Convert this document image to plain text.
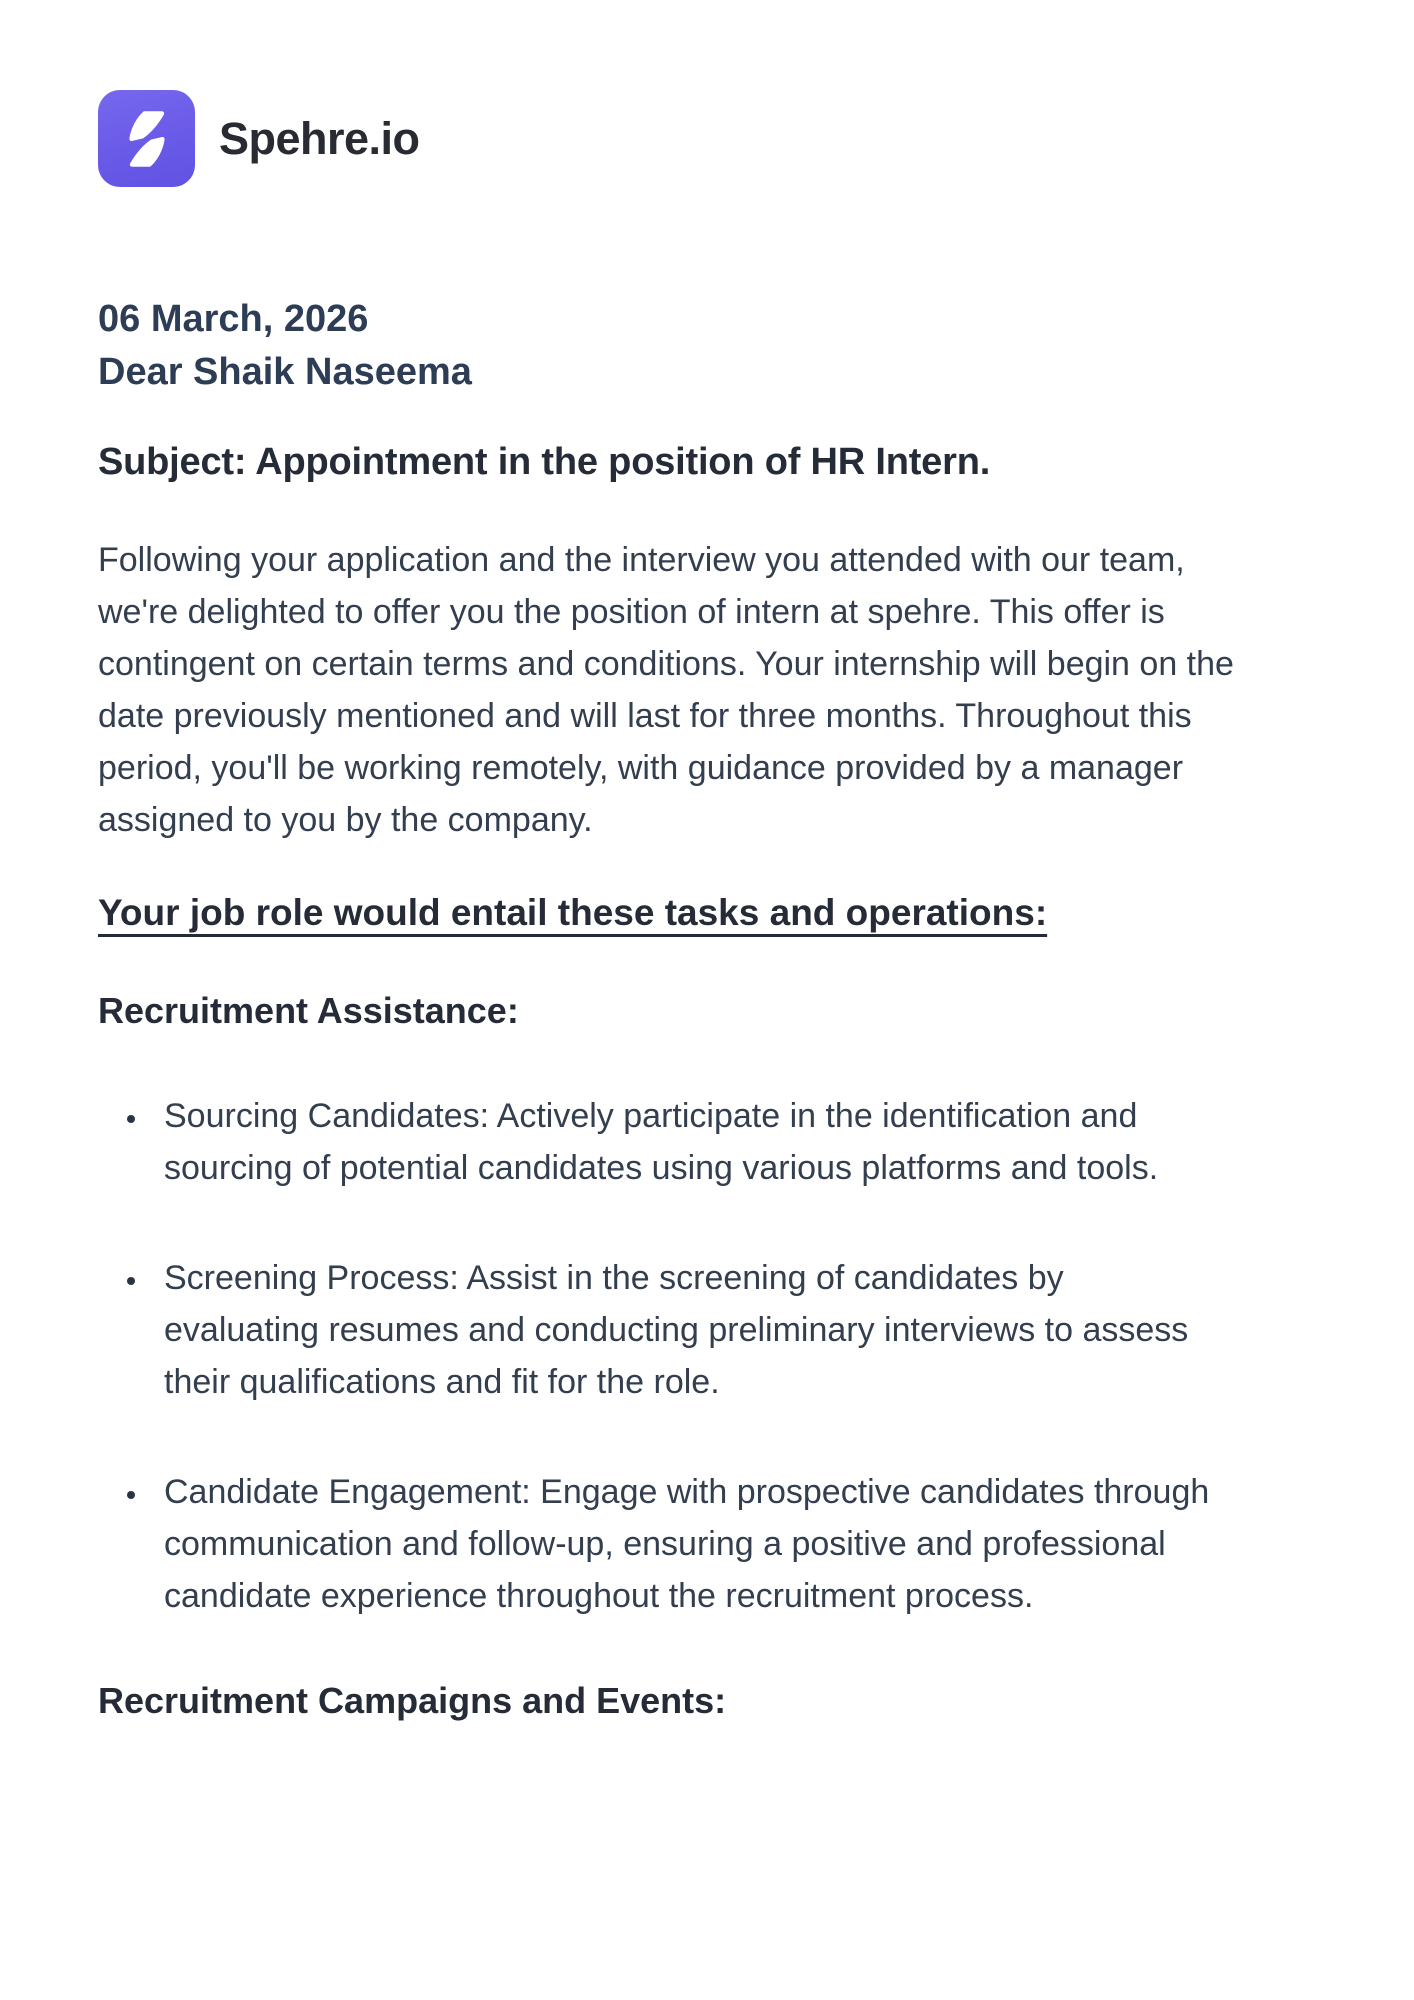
Spehre.io
06 March, 2026
Dear Shaik Naseema
Subject: Appointment in the position of HR Intern.

Following your application and the interview you attended with our team, we're delighted to offer you the position of intern at spehre. This offer is contingent on certain terms and conditions. Your internship will begin on the date previously mentioned and will last for three months. Throughout this period, you'll be working remotely, with guidance provided by a manager assigned to you by the company.

Your job role would entail these tasks and operations:
Recruitment Assistance:
• Sourcing Candidates: Actively participate in the identification and sourcing of potential candidates using various platforms and tools.
• Screening Process: Assist in the screening of candidates by evaluating resumes and conducting preliminary interviews to assess their qualifications and fit for the role.
• Candidate Engagement: Engage with prospective candidates through communication and follow-up, ensuring a positive and professional candidate experience throughout the recruitment process.
Recruitment Campaigns and Events:
